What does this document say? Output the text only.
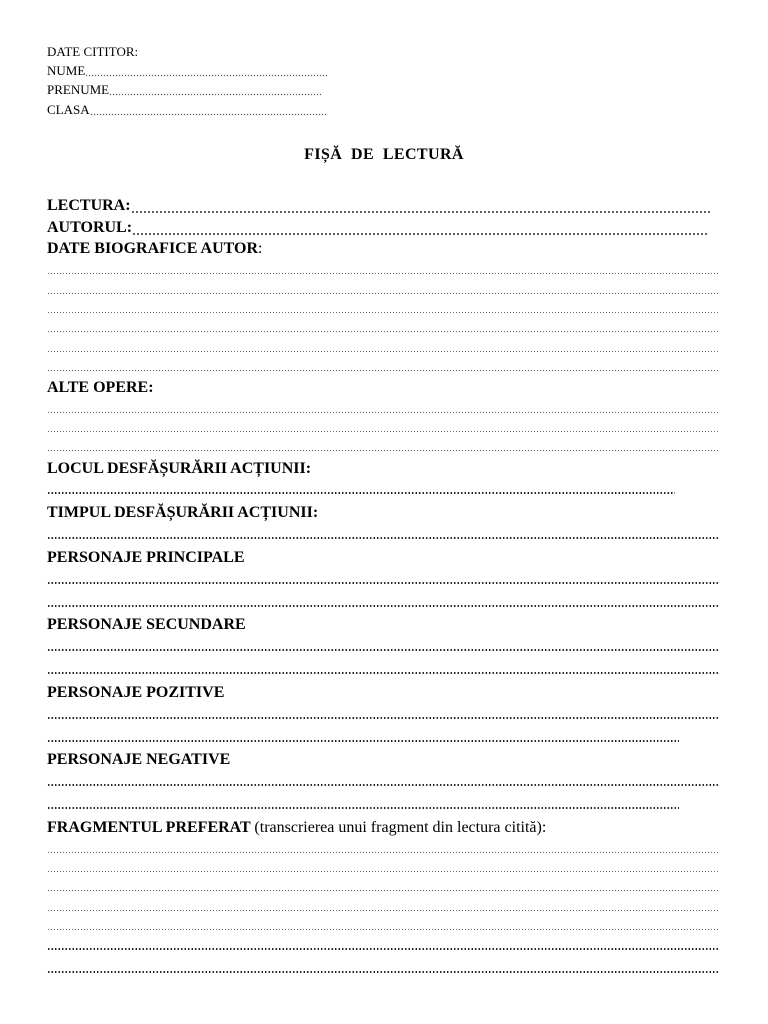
DATE CITITOR:
NUME
PRENUME
CLASA
FIȘĂ  DE  LECTURĂ
LECTURA:
AUTORUL:
DATE BIOGRAFICE AUTOR:
ALTE OPERE:
LOCUL DESFĂȘURĂRII ACȚIUNII:
TIMPUL DESFĂȘURĂRII ACȚIUNII:
PERSONAJE PRINCIPALE
PERSONAJE SECUNDARE
PERSONAJE POZITIVE
PERSONAJE NEGATIVE
FRAGMENTUL PREFERAT (transcrierea unui fragment din lectura citită):
